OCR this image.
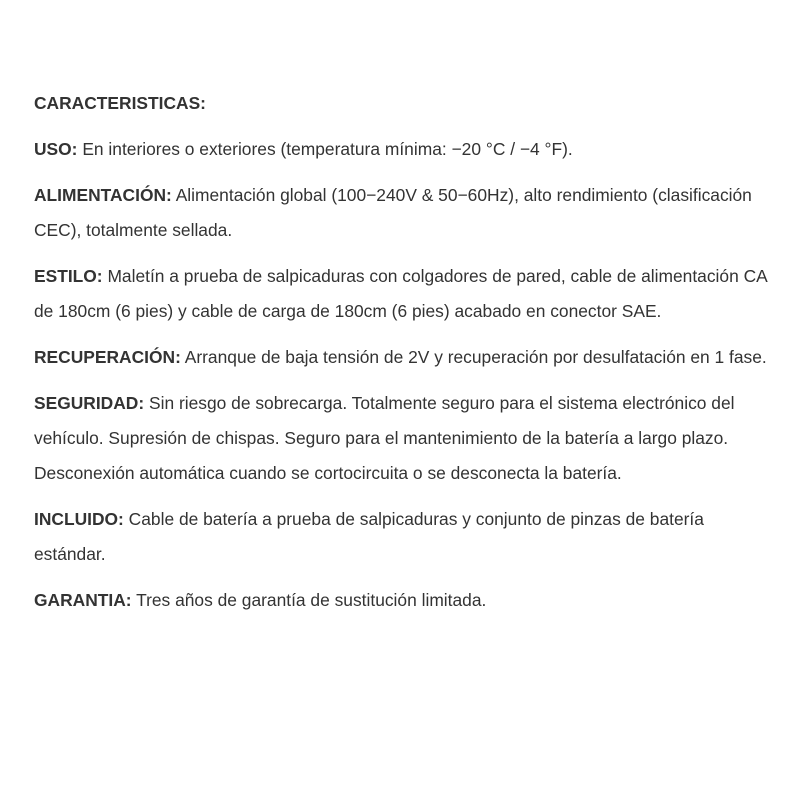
CARACTERISTICAS:

USO: En interiores o exteriores (temperatura mínima: −20 °C / −4 °F).

ALIMENTACIÓN: Alimentación global (100−240V & 50−60Hz), alto rendimiento (clasificación CEC), totalmente sellada.

ESTILO: Maletín a prueba de salpicaduras con colgadores de pared, cable de alimentación CA de 180cm (6 pies) y cable de carga de 180cm (6 pies) acabado en conector SAE.

RECUPERACIÓN: Arranque de baja tensión de 2V y recuperación por desulfatación en 1 fase.

SEGURIDAD: Sin riesgo de sobrecarga. Totalmente seguro para el sistema electrónico del vehículo. Supresión de chispas. Seguro para el mantenimiento de la batería a largo plazo. Desconexión automática cuando se cortocircuita o se desconecta la batería.

INCLUIDO: Cable de batería a prueba de salpicaduras y conjunto de pinzas de batería estándar.

GARANTIA: Tres años de garantía de sustitución limitada.
